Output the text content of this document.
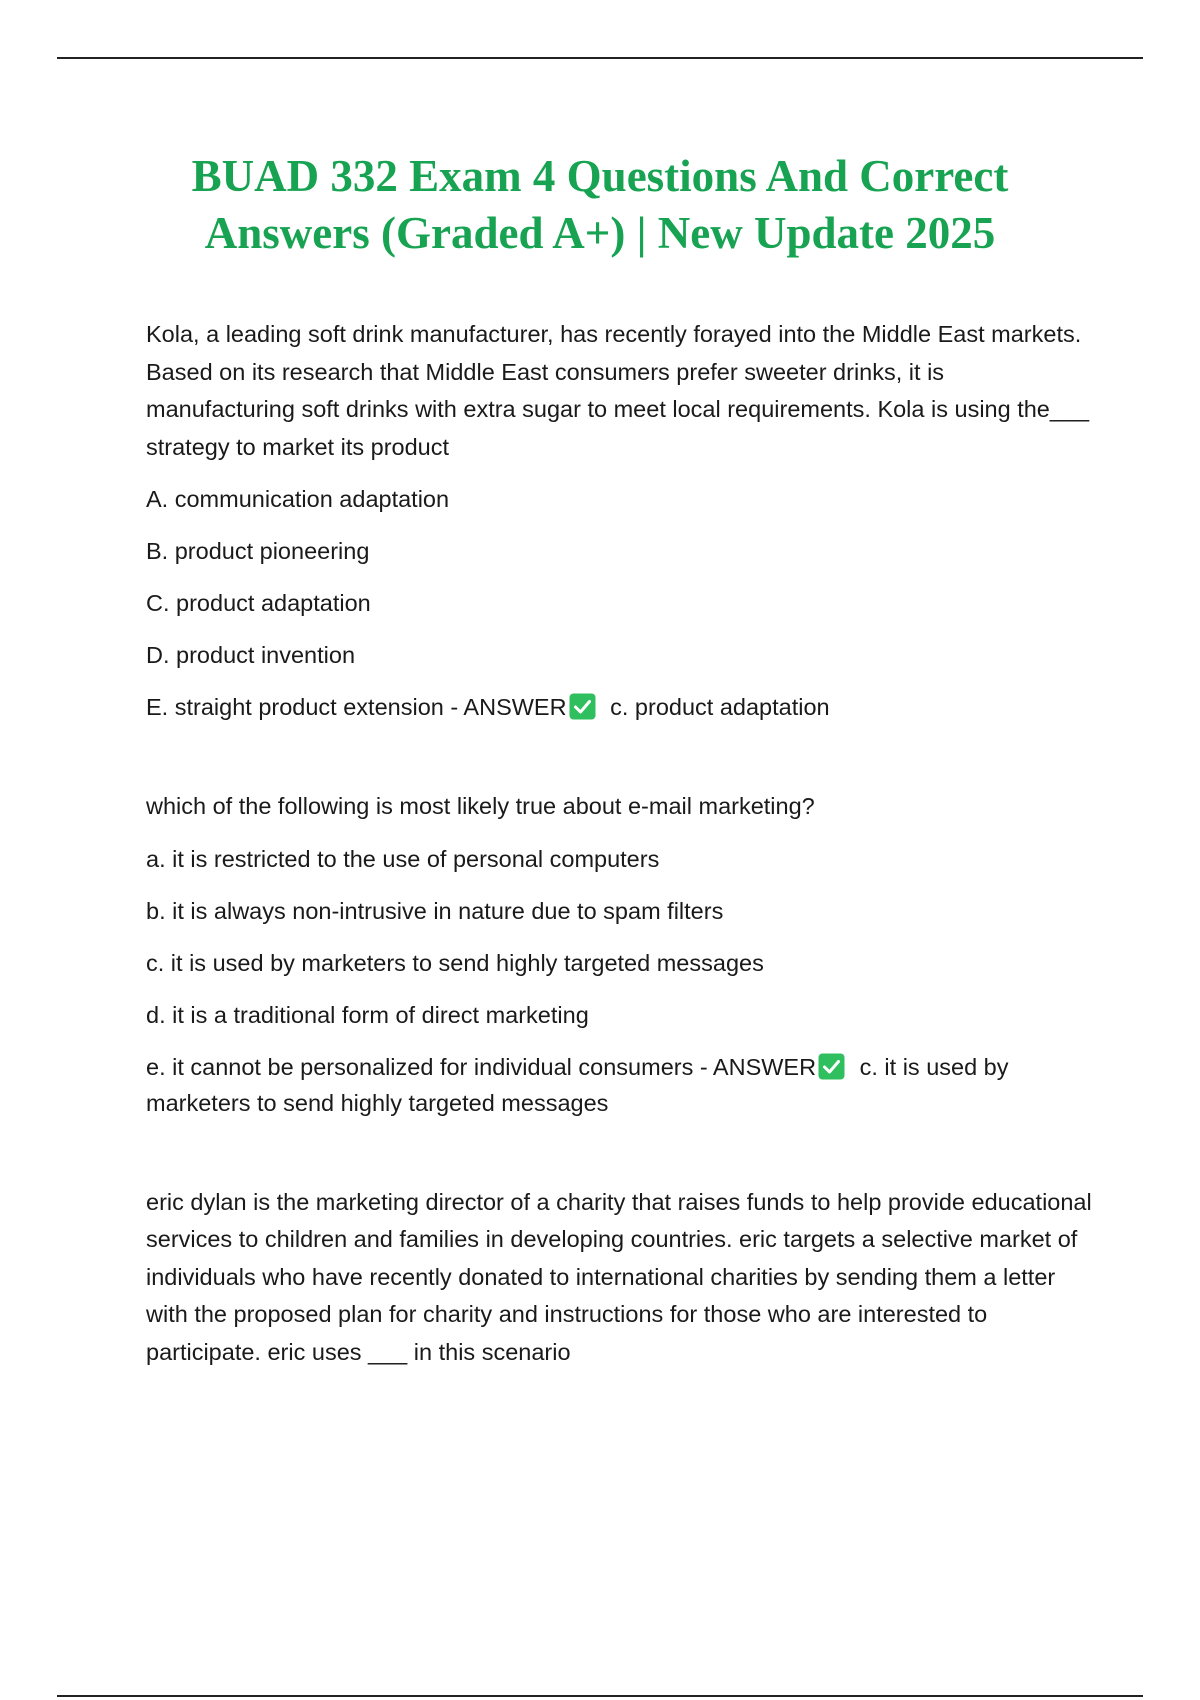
BUAD 332 Exam 4 Questions And Correct Answers (Graded A+) | New Update 2025

Kola, a leading soft drink manufacturer, has recently forayed into the Middle East markets. Based on its research that Middle East consumers prefer sweeter drinks, it is manufacturing soft drinks with extra sugar to meet local requirements. Kola is using the___ strategy to market its product

A. communication adaptation

B. product pioneering

C. product adaptation

D. product invention

E. straight product extension - ANSWER c. product adaptation

which of the following is most likely true about e-mail marketing?

a. it is restricted to the use of personal computers

b. it is always non-intrusive in nature due to spam filters

c. it is used by marketers to send highly targeted messages

d. it is a traditional form of direct marketing

e. it cannot be personalized for individual consumers - ANSWER c. it is used by marketers to send highly targeted messages

eric dylan is the marketing director of a charity that raises funds to help provide educational services to children and families in developing countries. eric targets a selective market of individuals who have recently donated to international charities by sending them a letter with the proposed plan for charity and instructions for those who are interested to participate. eric uses ___ in this scenario
